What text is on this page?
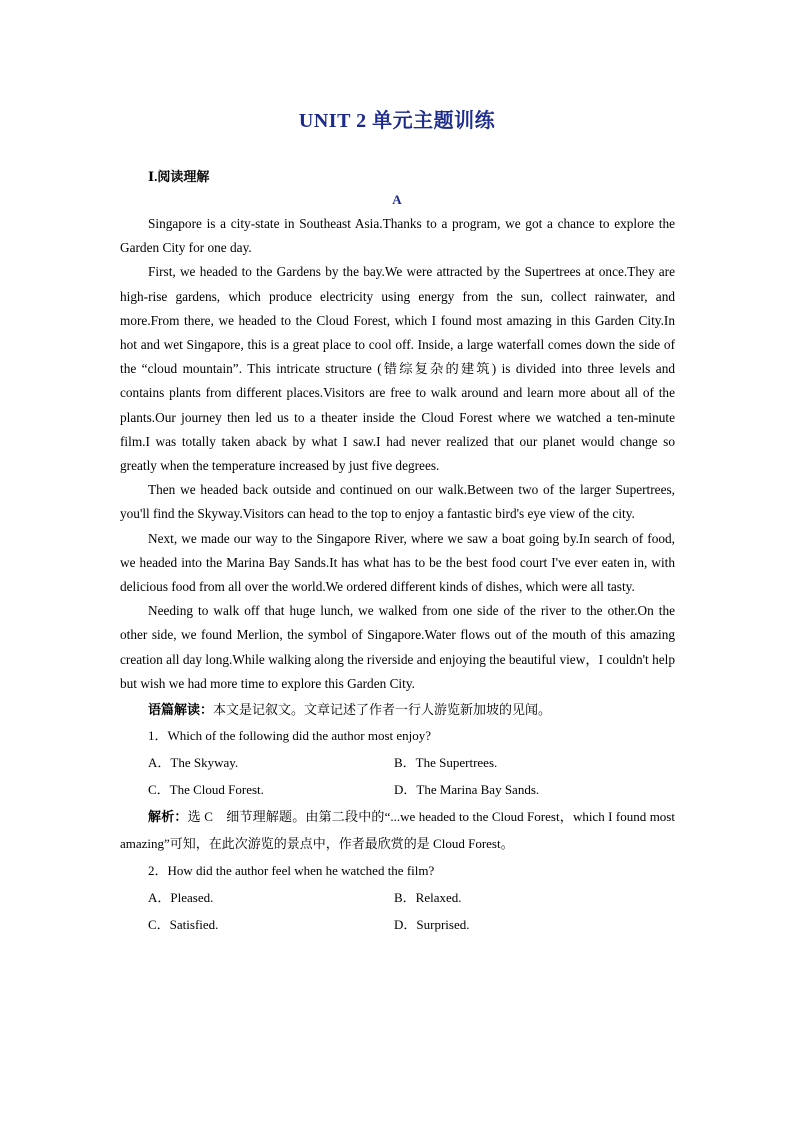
UNIT 2 单元主题训练
Ⅰ.阅读理解
A

Singapore is a city-state in Southeast Asia.Thanks to a program, we got a chance to explore the Garden City for one day.

First, we headed to the Gardens by the bay.We were attracted by the Supertrees at once.They are high-rise gardens, which produce electricity using energy from the sun, collect rainwater, and more.From there, we headed to the Cloud Forest, which I found most amazing in this Garden City.In hot and wet Singapore, this is a great place to cool off. Inside, a large waterfall comes down the side of the “cloud mountain”. This intricate structure (错综复杂的建筑) is divided into three levels and contains plants from different places.Visitors are free to walk around and learn more about all of the plants.Our journey then led us to a theater inside the Cloud Forest where we watched a ten-minute film.I was totally taken aback by what I saw.I had never realized that our planet would change so greatly when the temperature increased by just five degrees.

Then we headed back outside and continued on our walk.Between two of the larger Supertrees, you'll find the Skyway.Visitors can head to the top to enjoy a fantastic bird's eye view of the city.

Next, we made our way to the Singapore River, where we saw a boat going by.In search of food, we headed into the Marina Bay Sands.It has what has to be the best food court I've ever eaten in, with delicious food from all over the world.We ordered different kinds of dishes, which were all tasty.

Needing to walk off that huge lunch, we walked from one side of the river to the other.On the other side, we found Merlion, the symbol of Singapore.Water flows out of the mouth of this amazing creation all day long.While walking along the riverside and enjoying the beautiful view，I couldn't help but wish we had more time to explore this Garden City.

语篇解读：本文是记叙文。文章记述了作者一行人游览新加坡的见闻。
1．Which of the following did the author most enjoy?
A．The Skyway.	B．The Supertrees.
C．The Cloud Forest.	D．The Marina Bay Sands.
解析：选 C　细节理解题。由第二段中的“...we headed to the Cloud Forest，which I found most amazing”可知，在此次游览的景点中，作者最欣赏的是 Cloud Forest。
2．How did the author feel when he watched the film?
A．Pleased.	B．Relaxed.
C．Satisfied.	D．Surprised.
